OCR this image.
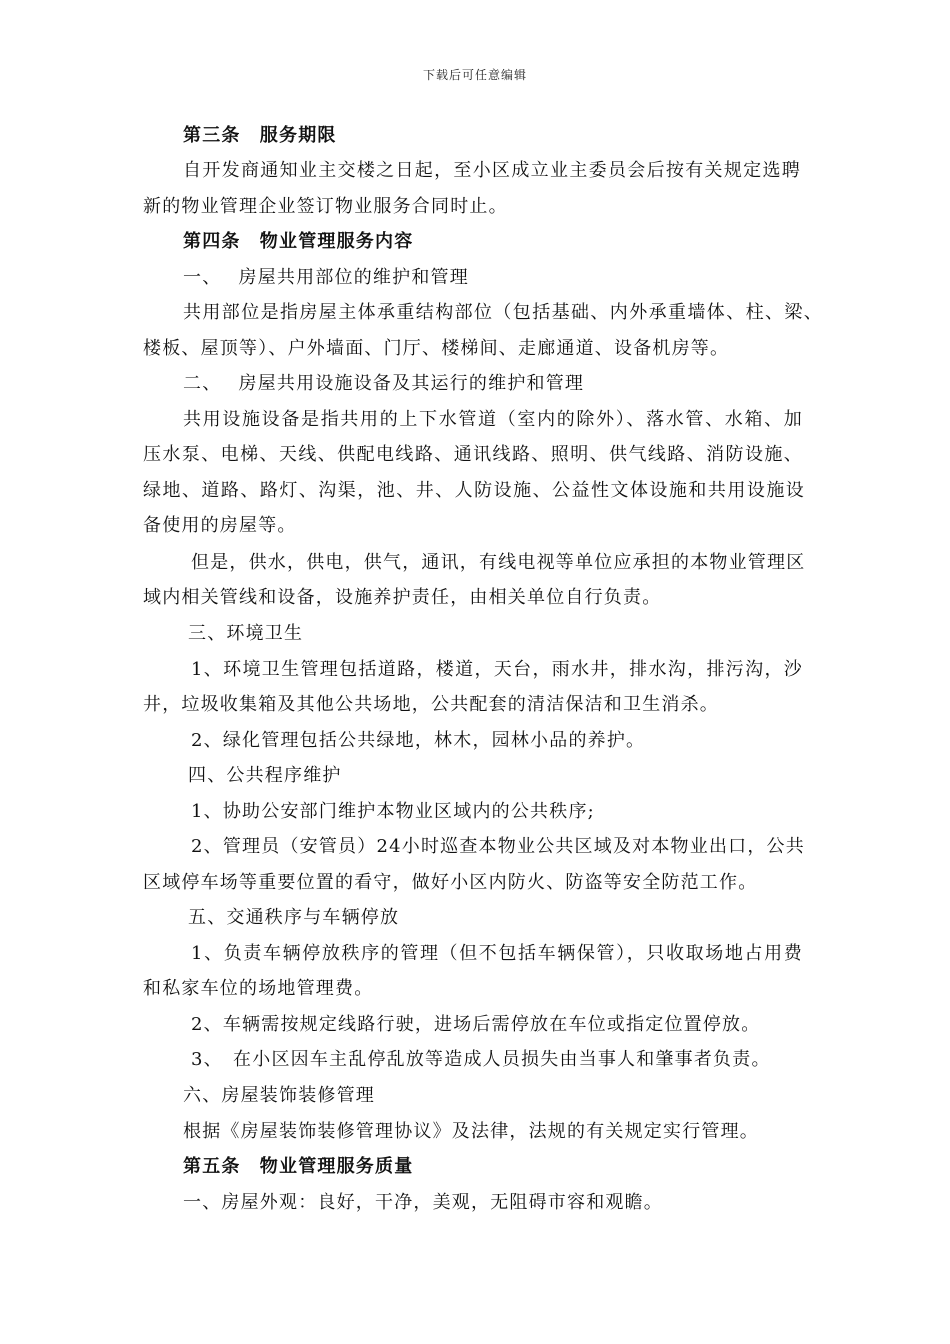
下载后可任意编辑
第三条　服务期限
自开发商通知业主交楼之日起，至小区成立业主委员会后按有关规定选聘
新的物业管理企业签订物业服务合同时止。
第四条　物业管理服务内容
一、　 房屋共用部位的维护和管理
共用部位是指房屋主体承重结构部位（包括基础、内外承重墙体、柱、梁、
楼板、屋顶等）、户外墙面、门厅、楼梯间、走廊通道、设备机房等。
二、　 房屋共用设施设备及其运行的维护和管理
共用设施设备是指共用的上下水管道（室内的除外）、落水管、水箱、加
压水泵、电梯、天线、供配电线路、通讯线路、照明、供气线路、消防设施、
绿地、道路、路灯、沟渠，池、井、人防设施、公益性文体设施和共用设施设
备使用的房屋等。
但是，供水，供电，供气，通讯，有线电视等单位应承担的本物业管理区
域内相关管线和设备，设施养护责任，由相关单位自行负责。
三、环境卫生
1、环境卫生管理包括道路，楼道，天台，雨水井，排水沟，排污沟，沙
井，垃圾收集箱及其他公共场地，公共配套的清洁保洁和卫生消杀。
2、绿化管理包括公共绿地，林木，园林小品的养护。
四、公共程序维护
1、协助公安部门维护本物业区域内的公共秩序;
2、管理员（安管员）24小时巡查本物业公共区域及对本物业出口，公共
区域停车场等重要位置的看守，做好小区内防火、防盗等安全防范工作。
五、交通秩序与车辆停放
1、负责车辆停放秩序的管理（但不包括车辆保管），只收取场地占用费
和私家车位的场地管理费。
2、车辆需按规定线路行驶，进场后需停放在车位或指定位置停放。
3、　在小区因车主乱停乱放等造成人员损失由当事人和肇事者负责。
六、房屋装饰装修管理
根据《房屋装饰装修管理协议》及法律，法规的有关规定实行管理。
第五条　物业管理服务质量
一、房屋外观：良好，干净，美观，无阻碍市容和观瞻。
